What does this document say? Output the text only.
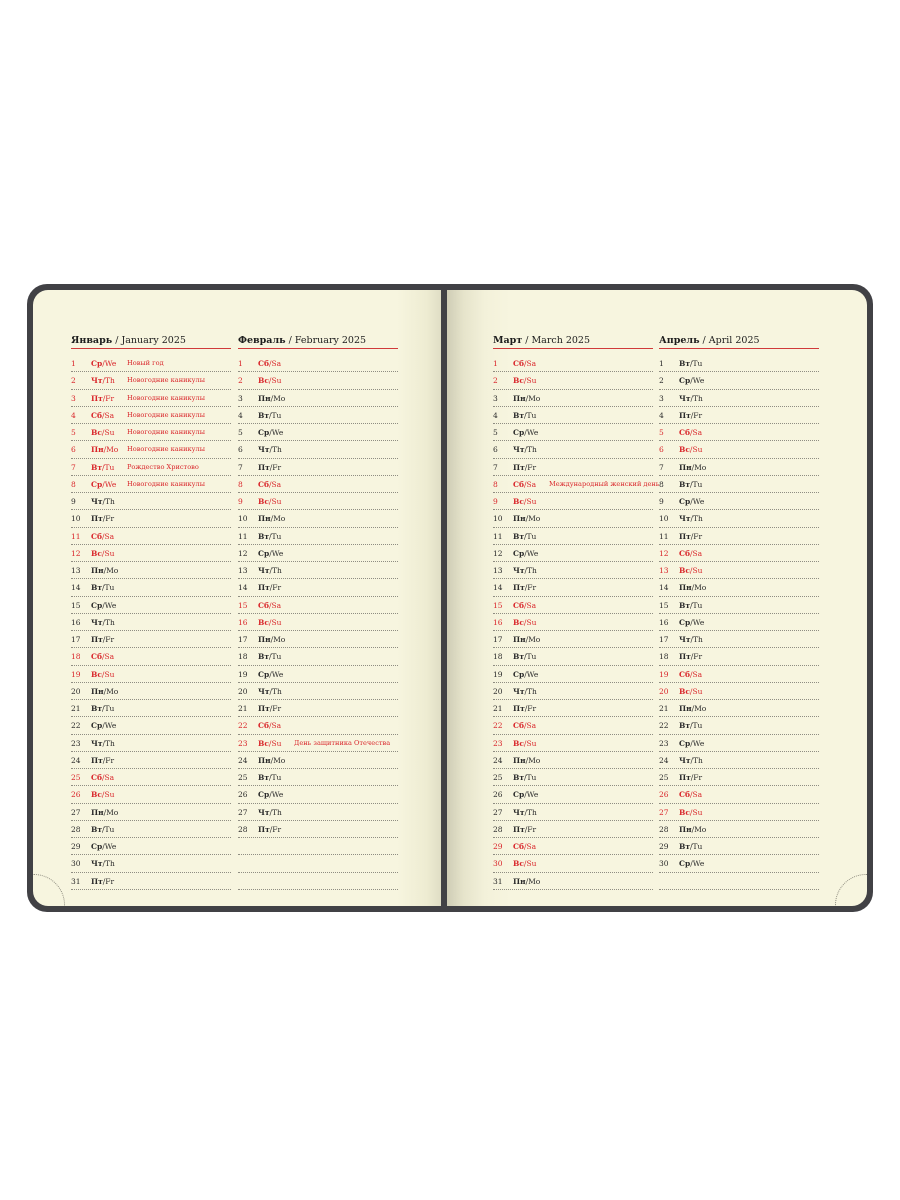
Январь / January 2025
1	Ср/We Новый год
2	Чт/Th Новогодние каникулы
3	Пт/Fr Новогодние каникулы
4	Сб/Sa Новогодние каникулы
5	Вс/Su Новогодние каникулы
6	Пн/Mo Новогодние каникулы
7	Вт/Tu Рождество Христово
8	Ср/We Новогодние каникулы
9	Чт/Th
10	Пт/Fr
11	Сб/Sa
12	Вс/Su
13	Пн/Mo
14	Вт/Tu
15	Ср/We
16	Чт/Th
17	Пт/Fr
18	Сб/Sa
19	Вс/Su
20	Пн/Mo
21	Вт/Tu
22	Ср/We
23	Чт/Th
24	Пт/Fr
25	Сб/Sa
26	Вс/Su
27	Пн/Mo
28	Вт/Tu
29	Ср/We
30	Чт/Th
31	Пт/Fr
Февраль / February 2025
1	Сб/Sa
2	Вс/Su
3	Пн/Mo
4	Вт/Tu
5	Ср/We
6	Чт/Th
7	Пт/Fr
8	Сб/Sa
9	Вс/Su
10	Пн/Mo
11	Вт/Tu
12	Ср/We
13	Чт/Th
14	Пт/Fr
15	Сб/Sa
16	Вс/Su
17	Пн/Mo
18	Вт/Tu
19	Ср/We
20	Чт/Th
21	Пт/Fr
22	Сб/Sa
23	Вс/Su День защитника Отечества
24	Пн/Mo
25	Вт/Tu
26	Ср/We
27	Чт/Th
28	Пт/Fr
Март / March 2025
1	Сб/Sa
2	Вс/Su
3	Пн/Mo
4	Вт/Tu
5	Ср/We
6	Чт/Th
7	Пт/Fr
8	Сб/Sa Международный женский день
9	Вс/Su
10	Пн/Mo
11	Вт/Tu
12	Ср/We
13	Чт/Th
14	Пт/Fr
15	Сб/Sa
16	Вс/Su
17	Пн/Mo
18	Вт/Tu
19	Ср/We
20	Чт/Th
21	Пт/Fr
22	Сб/Sa
23	Вс/Su
24	Пн/Mo
25	Вт/Tu
26	Ср/We
27	Чт/Th
28	Пт/Fr
29	Сб/Sa
30	Вс/Su
31	Пн/Mo
Апрель / April 2025
1	Вт/Tu
2	Ср/We
3	Чт/Th
4	Пт/Fr
5	Сб/Sa
6	Вс/Su
7	Пн/Mo
8	Вт/Tu
9	Ср/We
10	Чт/Th
11	Пт/Fr
12	Сб/Sa
13	Вс/Su
14	Пн/Mo
15	Вт/Tu
16	Ср/We
17	Чт/Th
18	Пт/Fr
19	Сб/Sa
20	Вс/Su
21	Пн/Mo
22	Вт/Tu
23	Ср/We
24	Чт/Th
25	Пт/Fr
26	Сб/Sa
27	Вс/Su
28	Пн/Mo
29	Вт/Tu
30	Ср/We
